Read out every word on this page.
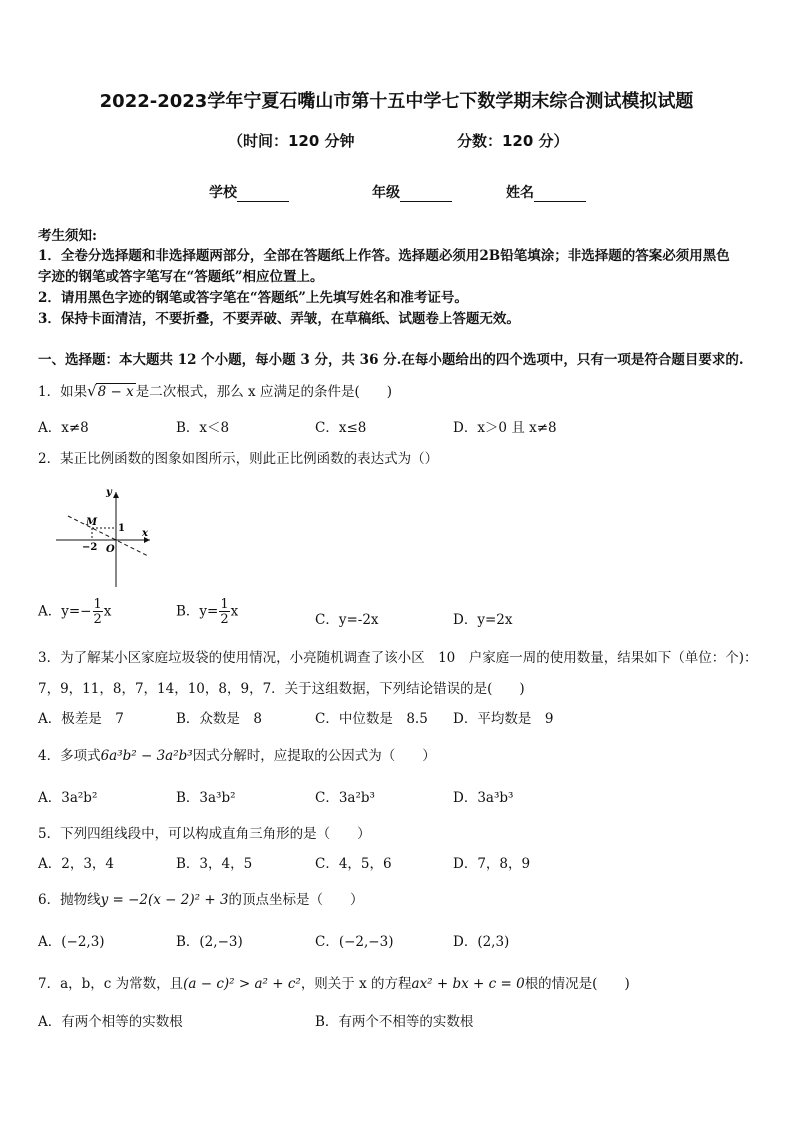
2022-2023学年宁夏石嘴山市第十五中学七下数学期末综合测试模拟试题
（时间：120 分钟	分数：120 分）
学校	年级	姓名
考生须知:
1．全卷分选择题和非选择题两部分，全部在答题纸上作答。选择题必须用2B铅笔填涂；非选择题的答案必须用黑色
字迹的钢笔或答字笔写在“答题纸”相应位置上。
2．请用黑色字迹的钢笔或答字笔在“答题纸”上先填写姓名和准考证号。
3．保持卡面清洁，不要折叠，不要弄破、弄皱，在草稿纸、试题卷上答题无效。
一、选择题：本大题共 12 个小题，每小题 3 分，共 36 分.在每小题给出的四个选项中，只有一项是符合题目要求的.
1．如果√8 − x 是二次根式，那么 x 应满足的条件是(　　)
A．x≠8	B．x＜8	C．x≤8	D．x＞0 且 x≠8
2．某正比例函数的图象如图所示，则此正比例函数的表达式为（）
y
x
M
1
−2 O
A．$y=- \frac{1}{2}$ x	B．$y= \frac{1}{2}$ x
C．y=-2x	D．y=2x
3．为了解某小区家庭垃圾袋的使用情况，小亮随机调查了该小区　10　户家庭一周的使用数量，结果如下（单位：个)：
7，9，11，8，7，14，10，8，9，7．关于这组数据，下列结论错误的是(　　)
A．极差是　7	B．众数是　8	C．中位数是　8.5 D．平均数是　9
4．多项式6a³b² − 3a²b³因式分解时，应提取的公因式为（　　）
A．3a²b²	B．3a³b²	C．3a²b³	D．3a³b³
5．下列四组线段中，可以构成直角三角形的是（　　）
A．2，3，4	B．3，4，5	C．4，5，6	D．7，8，9
6．抛物线y = −2(x − 2)² + 3的顶点坐标是（　　）
A．(−2,3)	B．(2,−3)	C．(−2,−3)	D．(2,3)
7．a，b，c 为常数，且(a − c)² > a² + c²，则关于 x 的方程ax² + bx + c = 0根的情况是(　　)
A．有两个相等的实数根	B．有两个不相等的实数根
